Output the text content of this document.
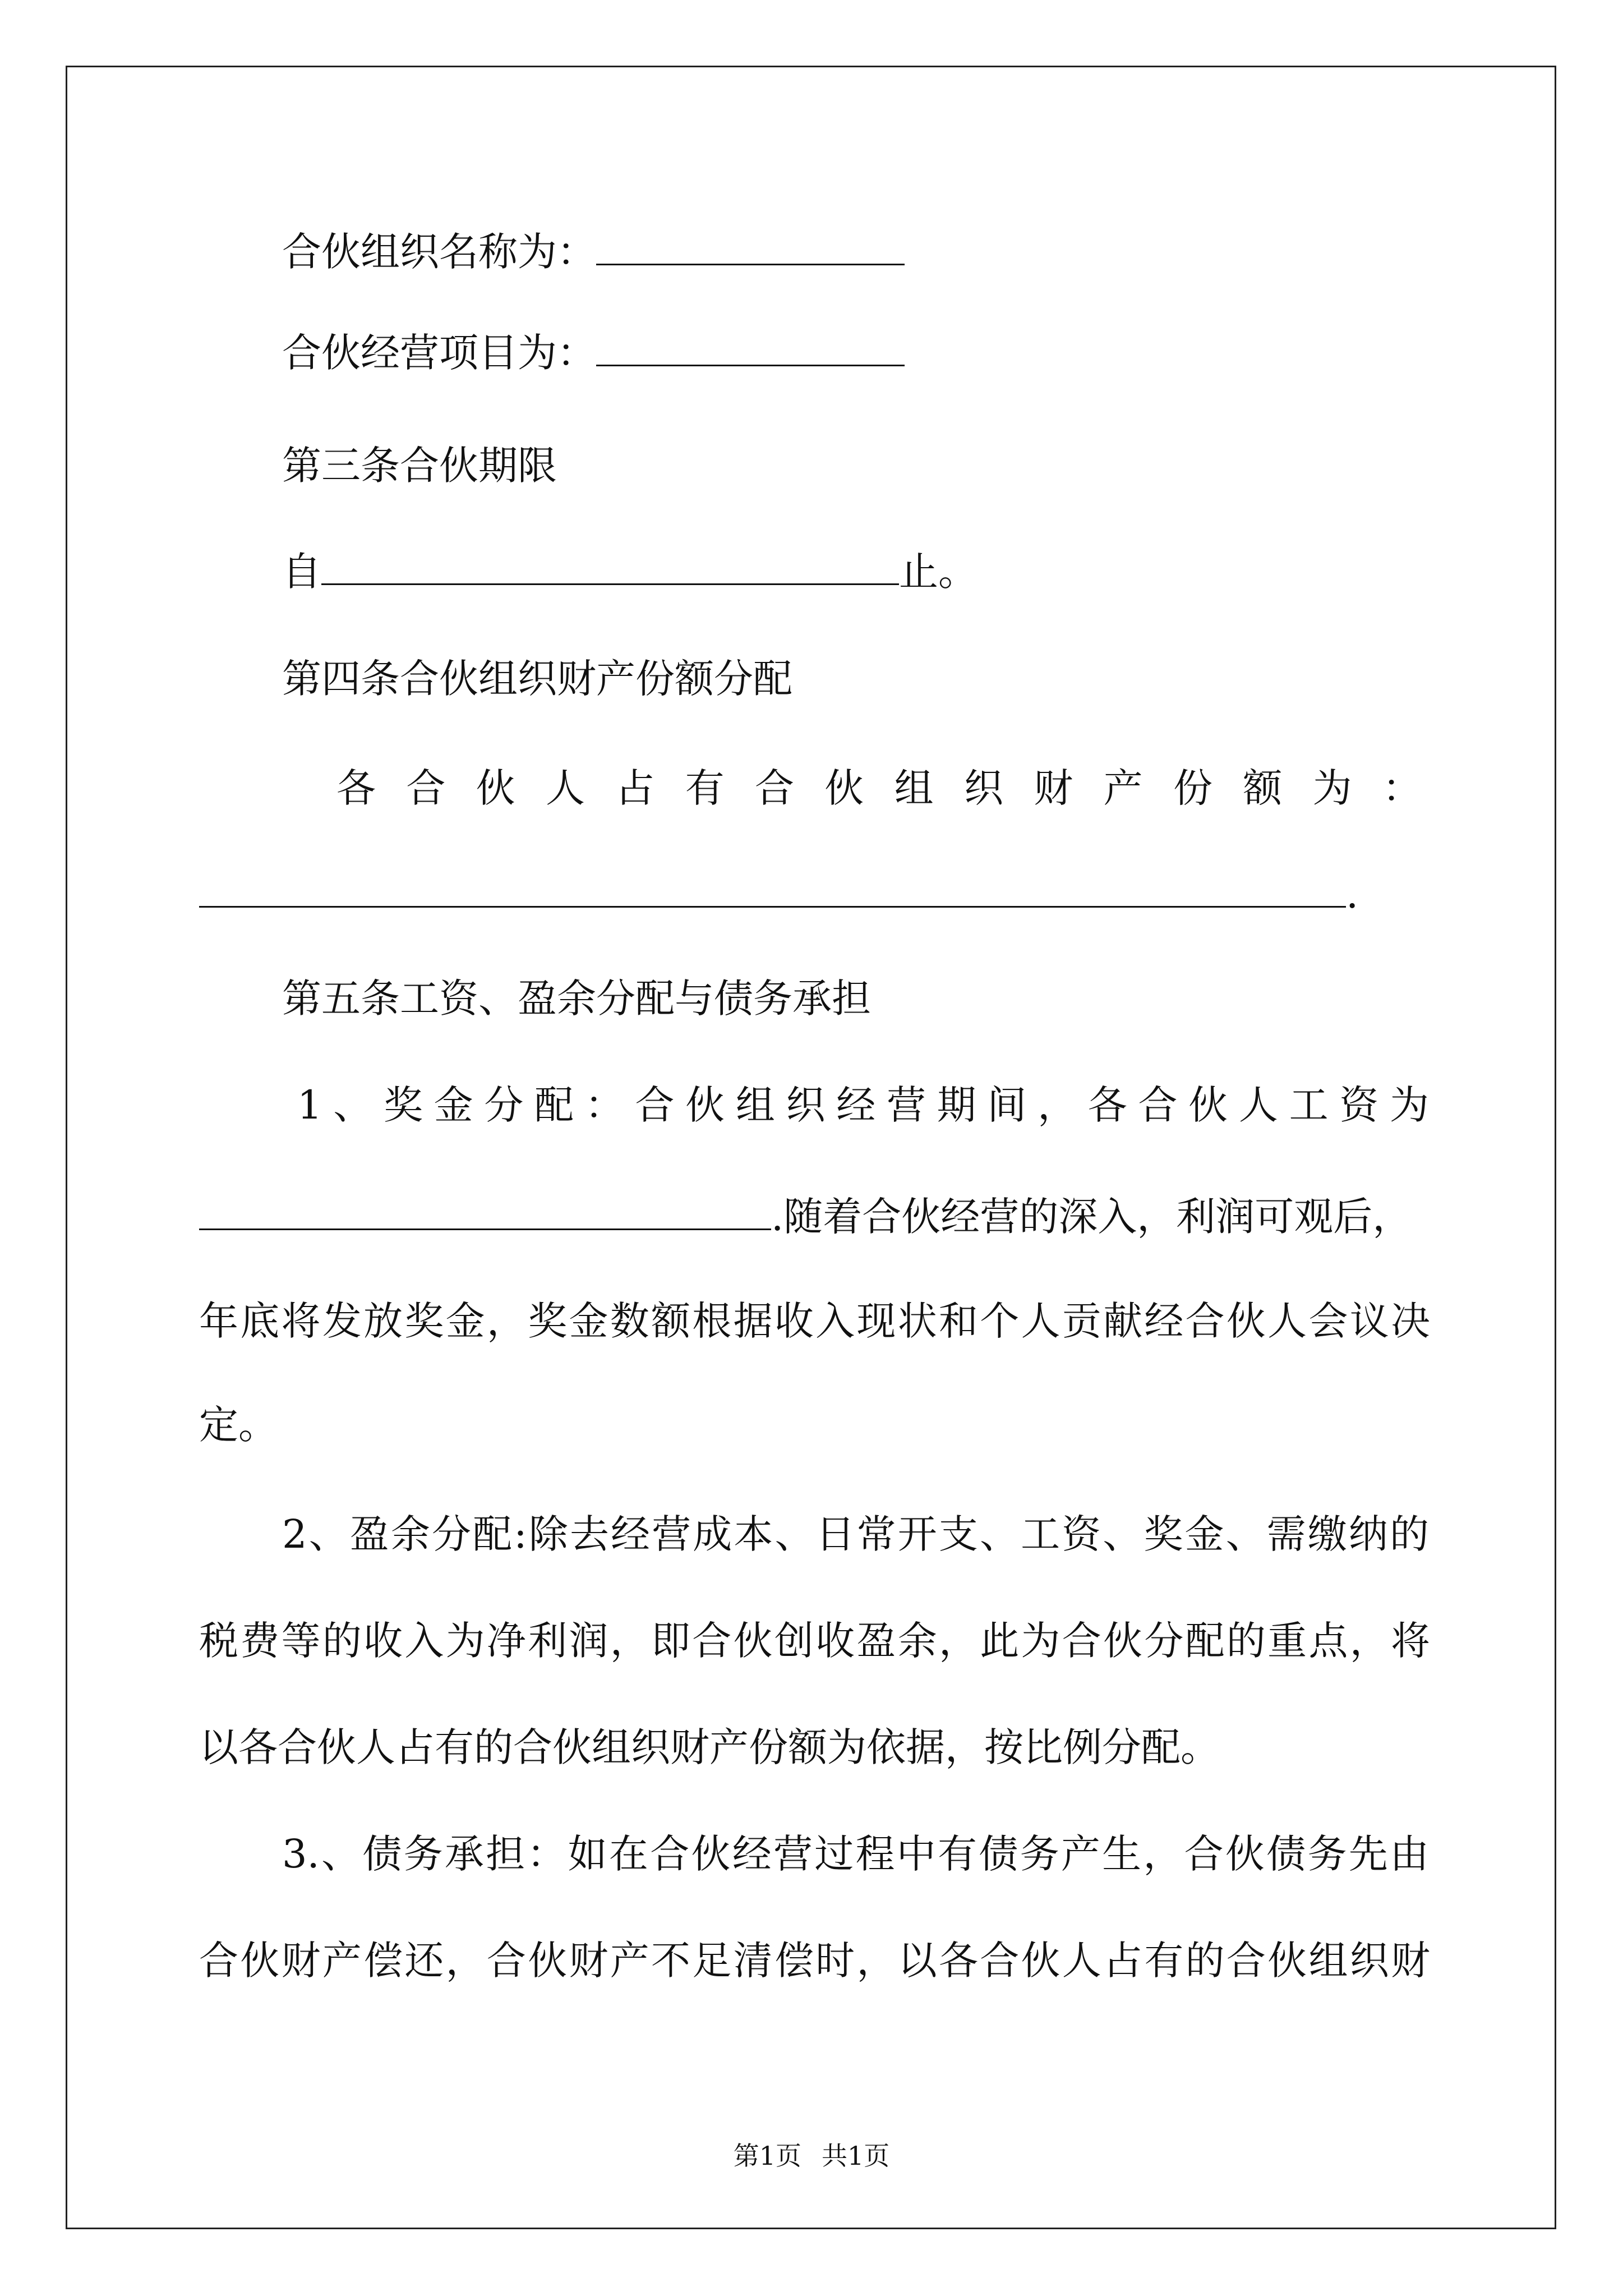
合伙组织名称为：
合伙经营项目为：
第三条合伙期限
自	止。
第四条合伙组织财产份额分配
各 合 伙 人 占 有 合 伙 组 织 财 产 份 额 为 ：
.
第五条工资、盈余分配与债务承担
1、奖金分配：合伙组织经营期间，各合伙人工资为
.随着合伙经营的深入，利润可观后，
年底将发放奖金，奖金数额根据收入现状和个人贡献经合伙人会议决
定。
2、盈余分配:除去经营成本、日常开支、工资、奖金、需缴纳的
税费等的收入为净利润，即合伙创收盈余，此为合伙分配的重点，将
以各合伙人占有的合伙组织财产份额为依据，按比例分配。
3.、债务承担：如在合伙经营过程中有债务产生，合伙债务先由
合伙财产偿还，合伙财产不足清偿时，以各合伙人占有的合伙组织财
第1页 共1页
